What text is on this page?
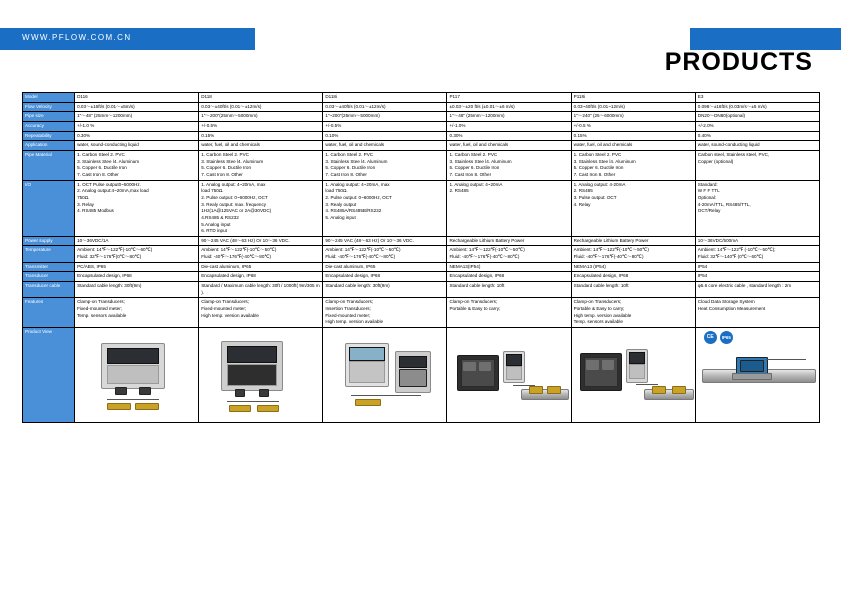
WWW.PFLOW.COM.CN
PRODUCTS
Model	D116	D118	D118i	P117	P118i	E3
Flow Velocity	0.03～±16ft/s (0.01～±5m/s)	0.03～±40ft/s (0.01～±12m/s)	0.03～±40ft/s (0.01～±12m/s)	±0.03～±20 ft/s (±0.01～±6 m/s)	0.03~40ft/s (0.01~12m/s)	0.098～±16ft/s (0.03m/s～±5 m/s)
Pipe size	1"～48" (25mm～1200mm)	1"～200"(25mm～5000mm)	1"~200"(25mm～5000mm)	1"～48" (25mm～1200mm)	1"～240" (25～6000mm)	DN20～DN80(optional)
Accuracy	+/-1.0 %	+/-0.5%	+/-0.5%	+/-1.0%	+/-0.5 %	+/-2.0%
Repeatability	0.30%	0.15%	0.10%	0.30%	0.15%	0.40%
Application	water, sound-conducting liquid	water, fuel, oil and chemicals	water, fuel, oil and chemicals	water, fuel, oil and chemicals	water, fuel, oil and chemicals	water, sound-conducting liquid
Pipe Material	1. Carbon Steel 2. PVC
3. Stainless Stee l4. Aluminum
5. Copper 6. Ductile Iron
7. Cast Iron 8. Other	1. Carbon Steel 2. PVC
3. Stainless Stee l4. Aluminum
5. Copper 6. Ductile Iron
7. Cast Iron 8. Other	1. Carbon Steel 2. PVC
3. Stainless Stee l4. Aluminum
5. Copper 6. Ductile Iron
7. Cast Iron 8. Other	1. Carbon Steel 2. PVC
3. Stainless Stee l4. Aluminum
5. Copper 6. Ductile Iron
7. Cast Iron 8. Other	1. Carbon Steel 2. PVC
3. Stainless Stee l4. Aluminum
5. Copper 6. Ductile Iron
7. Cast Iron 8. Other	Carbon steel, Stainless steel, PVC,
Copper (optional)

I/O	1. OCT Pulse output0~5000Hz.
2. Analog output:4~20mA,max load
750Ω.
3. Relay
4. RS485 Modbus

1. Analog output: 4~20mA, max
load 750Ω.
2. Pulse output: 0~6000Hz, OCT
3. Realy output: max. frequency
1Hz(1A@125VAC or 2A@30VDC)
4.RS485 & RS232
5.Analog input
6. RTD input

1. Analog output: 4~20mA, max
load 750Ω.
2. Pulse output: 0~6000Hz, OCT
3. Realy output
4. RS485A/RS485B/RS232
5. Analog input

1. Analog output: 4~20mA
2. RS485

1. Analog output: 4-20mA
2. RS485
3. Pulse output: OCT
4. Relay

Standard:
W F F TTL
Optional:
4-20mA/TTL, RS485/TTL,
OCT/Relay

Power supply	10～36VDC/1A	90～245 VAC (48～63 Hz) Or 10～36 VDC.	90～245 VAC (48～63 Hz) Or 10～36 VDC.	Rechargeable Lithium Battery Power	Rechargeable Lithium Battery Power	10～36VDC/500mA
Temperature	Ambient: 14℉～122℉(-10℃～60℃)
Fluid: 32℉～176℉(0℃～80℃)	Ambient: 14℉～122℉(-10℃～50℃)
Fluid: -40℉～176℉(-40℃～80℃)	Ambient: 14℉～122℉(-10℃～50℃)
Fluid: -40℉～176℉(-40℃～80℃)	Ambient: 14℉～122℉(-10℃～50℃)
Fluid: -40℉～176℉(-40℃～80℃)	Ambient: 14℉～122℉(-10℃～50℃)
Fluid: -40℉～176℉(-40℃～80℃)	Ambient: 14℉～122℉ (-10℃～50℃);
Fluid: 32℉～140℉ (0℃～60℃)

Transmitter	PC/ABS, IP65	Die-cast aluminum, IP65	Die-cast aluminum, IP65	NEMA13(IP54)	NEMA13 (IP54)	IP54
Transducer	Encapsulated design, IP68	Encapsulated design, IP68	Encapsulated design, IP68	Encapsulated design, IP68	Encapsulated design, IP68	IP54
Transducer cable	Standard cable length: 30ft(9m)	Standard / Maximum cable length: 30ft / 1000ft( 9m/305 m ).	Standard cable length: 30ft(9m)	Standard cable length: 10ft	Standard cable length: 10ft	φ5.6 core electric cable , standard length : 2m
Features	Clamp-on Transducers;
Fixed-mounted meter;
Temp. sensors available	Clamp-on Transducers;
Fixed-mounted meter;
High temp. version available	Clamp-on Transducers;
Insertion Transducers;
Fixed-mounted meter;
High temp. version available	Clamp-on Transducers;
Portable & Easy to carry;	Clamp-on Transducers;
Portable & Easy to carry;
High temp. version available
Temp. sensors available	Cloud Data Storage System
Heat Consumption Measurement

Product View						CE IP65
